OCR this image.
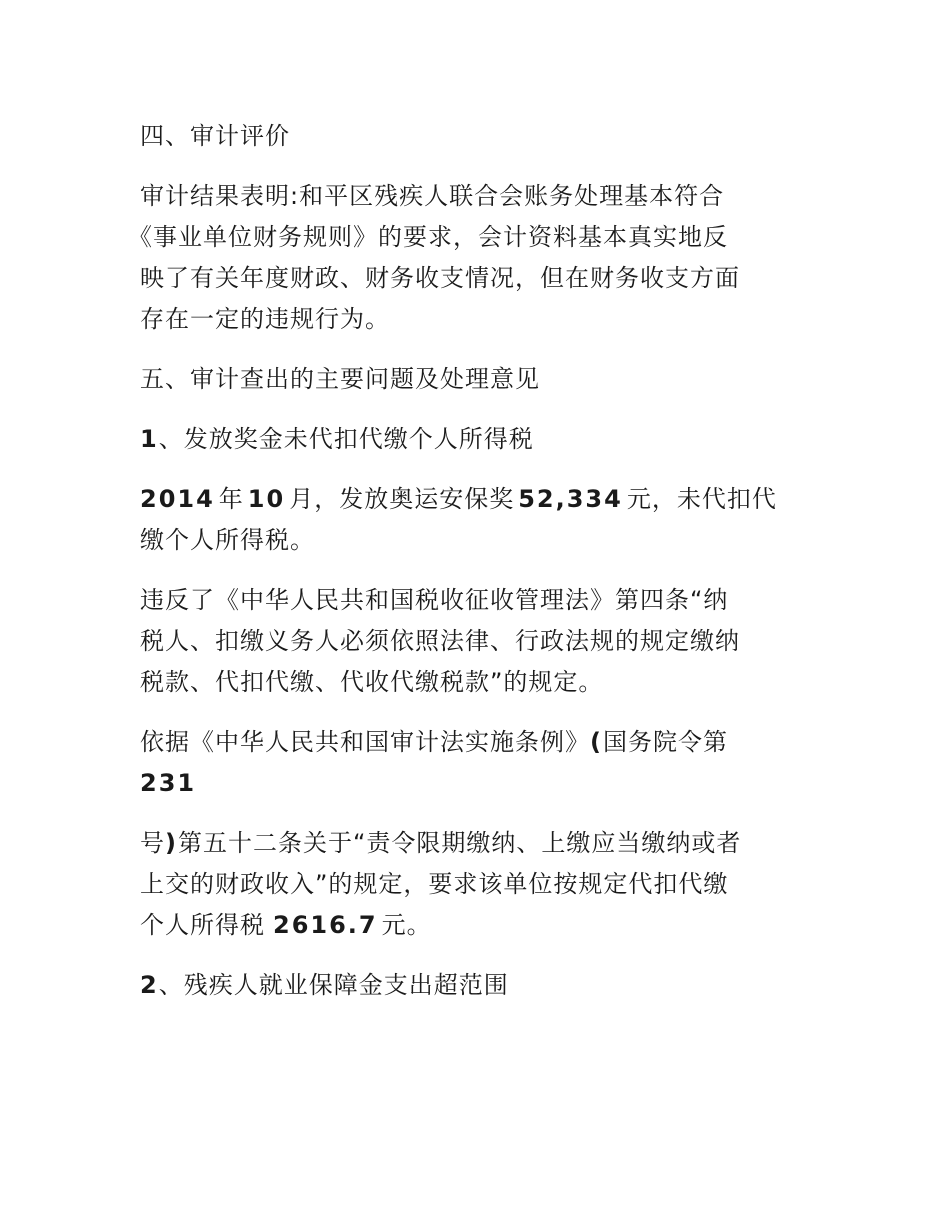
四、审计评价

审计结果表明:和平区残疾人联合会账务处理基本符合
《事业单位财务规则》的要求，会计资料基本真实地反
映了有关年度财政、财务收支情况，但在财务收支方面
存在一定的违规行为。

五、审计查出的主要问题及处理意见

1、发放奖金未代扣代缴个人所得税

2014 年 10 月，发放奥运安保奖 52,334 元，未代扣代
缴个人所得税。

违反了《中华人民共和国税收征收管理法》第四条“纳
税人、扣缴义务人必须依照法律、行政法规的规定缴纳
税款、代扣代缴、代收代缴税款”的规定。

依据《中华人民共和国审计法实施条例》(国务院令第
231

号)第五十二条关于“责令限期缴纳、上缴应当缴纳或者
上交的财政收入”的规定，要求该单位按规定代扣代缴
个人所得税 2616.7 元。

2、残疾人就业保障金支出超范围
